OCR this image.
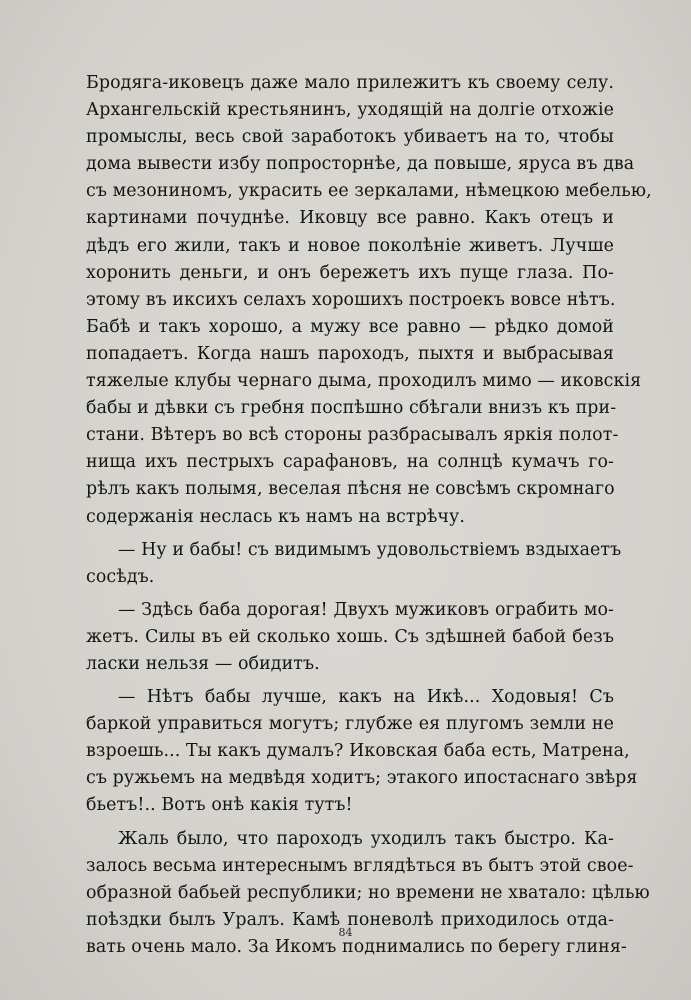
Бродяга-иковецъ даже мало прилежитъ къ своему селу.
Архангельскій крестьянинъ, уходящій на долгіе отхожіе
промыслы, весь свой заработокъ убиваетъ на то, чтобы
дома вывести избу попросторнѣе, да повыше, яруса въ два
съ мезониномъ, украсить ее зеркалами, нѣмецкою мебелью,
картинами почуднѣе. Иковцу все равно. Какъ отецъ и
дѣдъ его жили, такъ и новое поколѣніе живетъ. Лучше
хоронить деньги, и онъ бережетъ ихъ пуще глаза. По-
этому въ иксихъ селахъ хорошихъ построекъ вовсе нѣтъ.
Бабѣ и такъ хорошо, а мужу все равно — рѣдко домой
попадаетъ. Когда нашъ пароходъ, пыхтя и выбрасывая
тяжелые клубы чернаго дыма, проходилъ мимо — иковскія
бабы и дѣвки съ гребня поспѣшно сбѣгали внизъ къ при-
стани. Вѣтеръ во всѣ стороны разбрасывалъ яркія полот-
нища ихъ пестрыхъ сарафановъ, на солнцѣ кумачъ го-
рѣлъ какъ полымя, веселая пѣсня не совсѣмъ скромнаго
содержанія неслась къ намъ на встрѣчу.
— Ну и бабы! съ видимымъ удовольствіемъ вздыхаетъ
сосѣдъ.
— Здѣсь баба дорогая! Двухъ мужиковъ ограбить мо-
жетъ. Силы въ ей сколько хошь. Съ здѣшней бабой безъ
ласки нельзя — обидитъ.
— Нѣтъ бабы лучше, какъ на Икѣ... Ходовыя! Съ
баркой управиться могутъ; глубже ея плугомъ земли не
взроешь... Ты какъ думалъ? Иковская баба есть, Матрена,
съ ружьемъ на медвѣдя ходитъ; этакого ипостаснаго звѣря
бьетъ!.. Вотъ онѣ какія тутъ!
Жаль было, что пароходъ уходилъ такъ быстро. Ка-
залось весьма интереснымъ вглядѣться въ бытъ этой свое-
образной бабьей республики; но времени не хватало: цѣлью
поѣздки былъ Уралъ. Камѣ поневолѣ приходилось отда-
вать очень мало. За Икомъ поднимались по берегу глиня-
84
